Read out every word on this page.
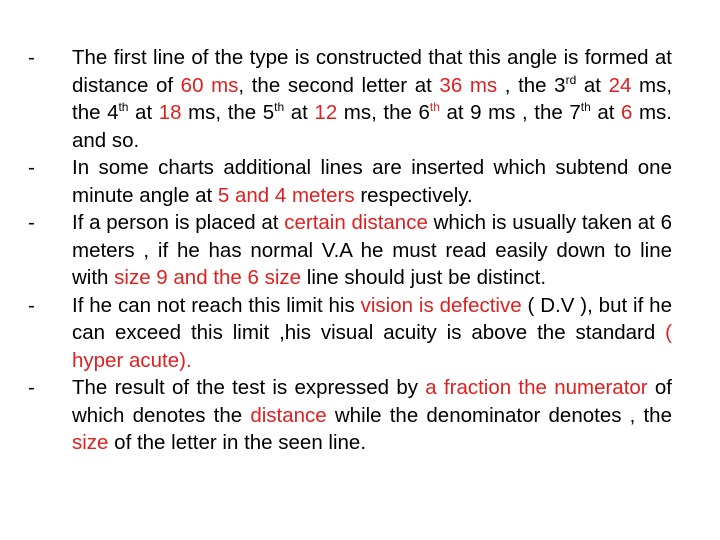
- The first line of the type is constructed that this angle is formed at distance of 60 ms, the second letter at 36 ms , the 3rd at 24 ms, the 4th at 18 ms, the 5th at 12 ms, the 6th at 9 ms , the 7th at 6 ms. and so.
- In some charts additional lines are inserted which subtend one minute angle at 5 and 4 meters respectively.
- If a person is placed at certain distance which is usually taken at 6 meters , if he has normal V.A he must read easily down to line with size 9 and the 6 size line should just be distinct.
- If he can not reach this limit his vision is defective ( D.V ), but if he can exceed this limit ,his visual acuity is above the standard ( hyper acute).
- The result of the test is expressed by a fraction the numerator of which denotes the distance while the denominator denotes , the size of the letter in the seen line.
